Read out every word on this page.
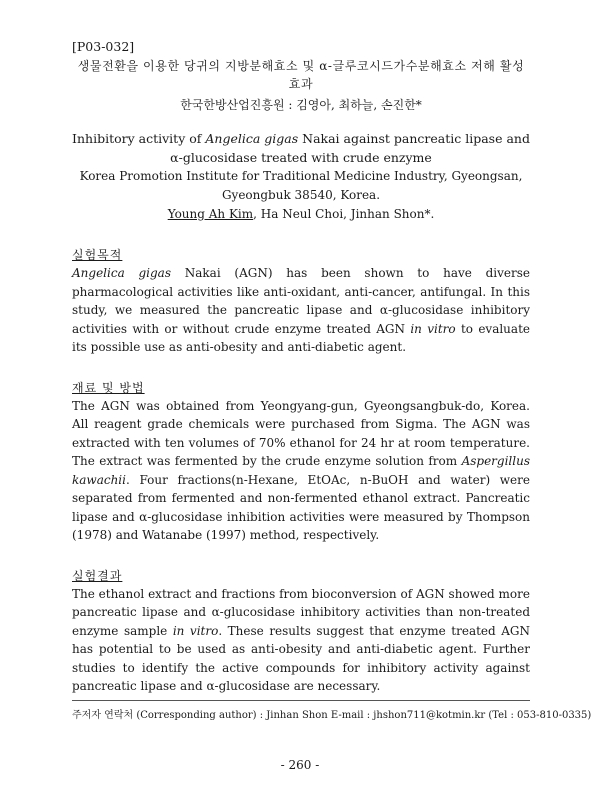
[P03-032]

생물전환을 이용한 당귀의 지방분해효소 및 α-글루코시드가수분해효소 저해 활성 효과

한국한방산업진흥원 : 김영아, 최하늘, 손진한*

Inhibitory activity of Angelica gigas Nakai against pancreatic lipase and α-glucosidase treated with crude enzyme

Korea Promotion Institute for Traditional Medicine Industry, Gyeongsan, Gyeongbuk 38540, Korea.

Young Ah Kim, Ha Neul Choi, Jinhan Shon*.

실험목적

Angelica gigas Nakai (AGN) has been shown to have diverse pharmacological activities like anti-oxidant, anti-cancer, antifungal. In this study, we measured the pancreatic lipase and α-glucosidase inhibitory activities with or without crude enzyme treated AGN in vitro to evaluate its possible use as anti-obesity and anti-diabetic agent.

재료 및 방법

The AGN was obtained from Yeongyang-gun, Gyeongsangbuk-do, Korea. All reagent grade chemicals were purchased from Sigma. The AGN was extracted with ten volumes of 70% ethanol for 24 hr at room temperature. The extract was fermented by the crude enzyme solution from Aspergillus kawachii. Four fractions(n-Hexane, EtOAc, n-BuOH and water) were separated from fermented and non-fermented ethanol extract. Pancreatic lipase and α-glucosidase inhibition activities were measured by Thompson (1978) and Watanabe (1997) method, respectively.

실험결과

The ethanol extract and fractions from bioconversion of AGN showed more pancreatic lipase and α-glucosidase inhibitory activities than non-treated enzyme sample in vitro. These results suggest that enzyme treated AGN has potential to be used as anti-obesity and anti-diabetic agent. Further studies to identify the active compounds for inhibitory activity against pancreatic lipase and α-glucosidase are necessary.

주저자 연락처 (Corresponding author) : Jinhan Shon E-mail : jhshon711@kotmin.kr (Tel : 053-810-0335)
- 260 -
